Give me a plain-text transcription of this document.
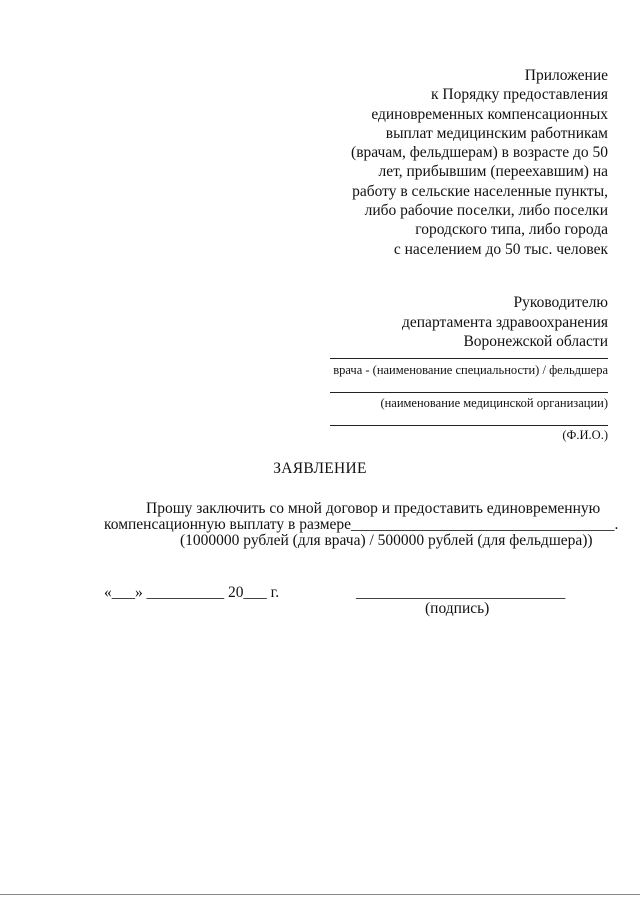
Приложение
к Порядку предоставления
единовременных компенсационных
выплат медицинским работникам
(врачам, фельдшерам) в возрасте до 50
лет, прибывшим (переехавшим) на
работу в сельские населенные пункты,
либо рабочие поселки, либо поселки
городского типа, либо города
с населением до 50 тыс. человек
Руководителю
департамента здравоохранения
Воронежской области
врача - (наименование специальности) / фельдшера
(наименование медицинской организации)
(Ф.И.О.)
ЗАЯВЛЕНИЕ
Прошу заключить со мной договор и предоставить единовременную
компенсационную выплату в размере__________________________________.
(1000000 рублей (для врача) / 500000 рублей (для фельдшера))
«___» __________ 20___ г.	___________________________
(подпись)
